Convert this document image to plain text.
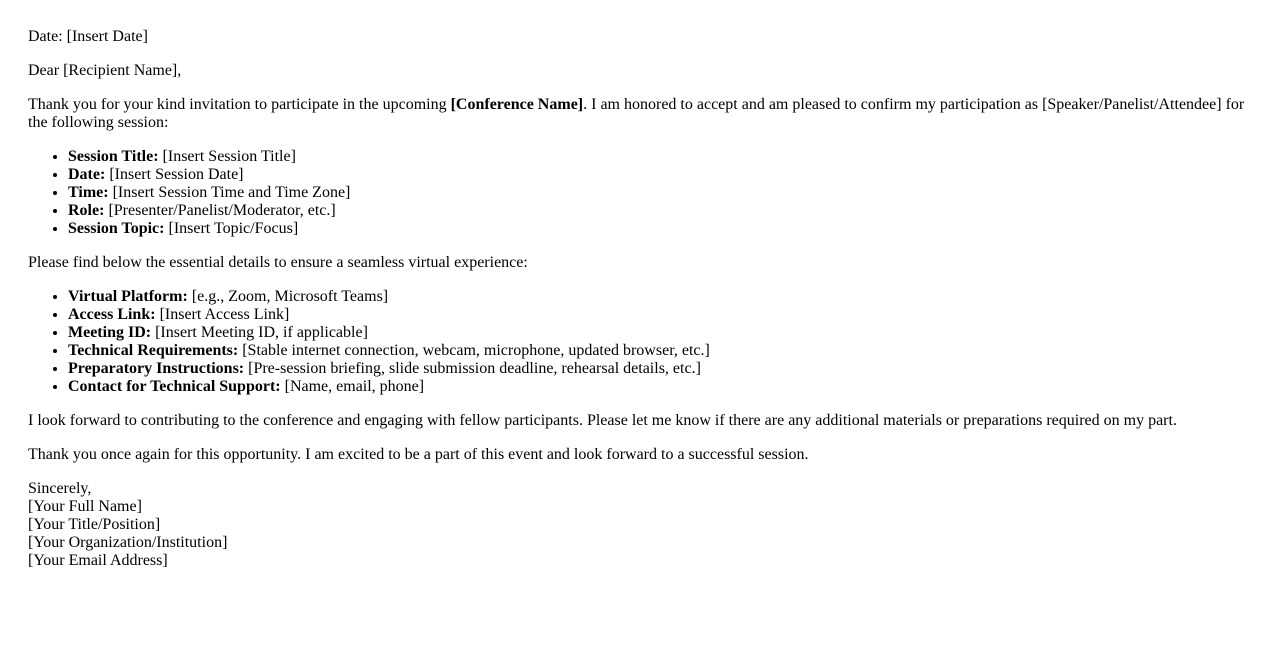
Date: [Insert Date]

Dear [Recipient Name],

Thank you for your kind invitation to participate in the upcoming [Conference Name]. I am honored to accept and am pleased to confirm my participation as [Speaker/Panelist/Attendee] for the following session:

• Session Title: [Insert Session Title]
• Date: [Insert Session Date]
• Time: [Insert Session Time and Time Zone]
• Role: [Presenter/Panelist/Moderator, etc.]
• Session Topic: [Insert Topic/Focus]

Please find below the essential details to ensure a seamless virtual experience:

• Virtual Platform: [e.g., Zoom, Microsoft Teams]
• Access Link: [Insert Access Link]
• Meeting ID: [Insert Meeting ID, if applicable]
• Technical Requirements: [Stable internet connection, webcam, microphone, updated browser, etc.]
• Preparatory Instructions: [Pre-session briefing, slide submission deadline, rehearsal details, etc.]
• Contact for Technical Support: [Name, email, phone]

I look forward to contributing to the conference and engaging with fellow participants. Please let me know if there are any additional materials or preparations required on my part.

Thank you once again for this opportunity. I am excited to be a part of this event and look forward to a successful session.

Sincerely,

[Your Full Name]

[Your Title/Position]

[Your Organization/Institution]

[Your Email Address]
